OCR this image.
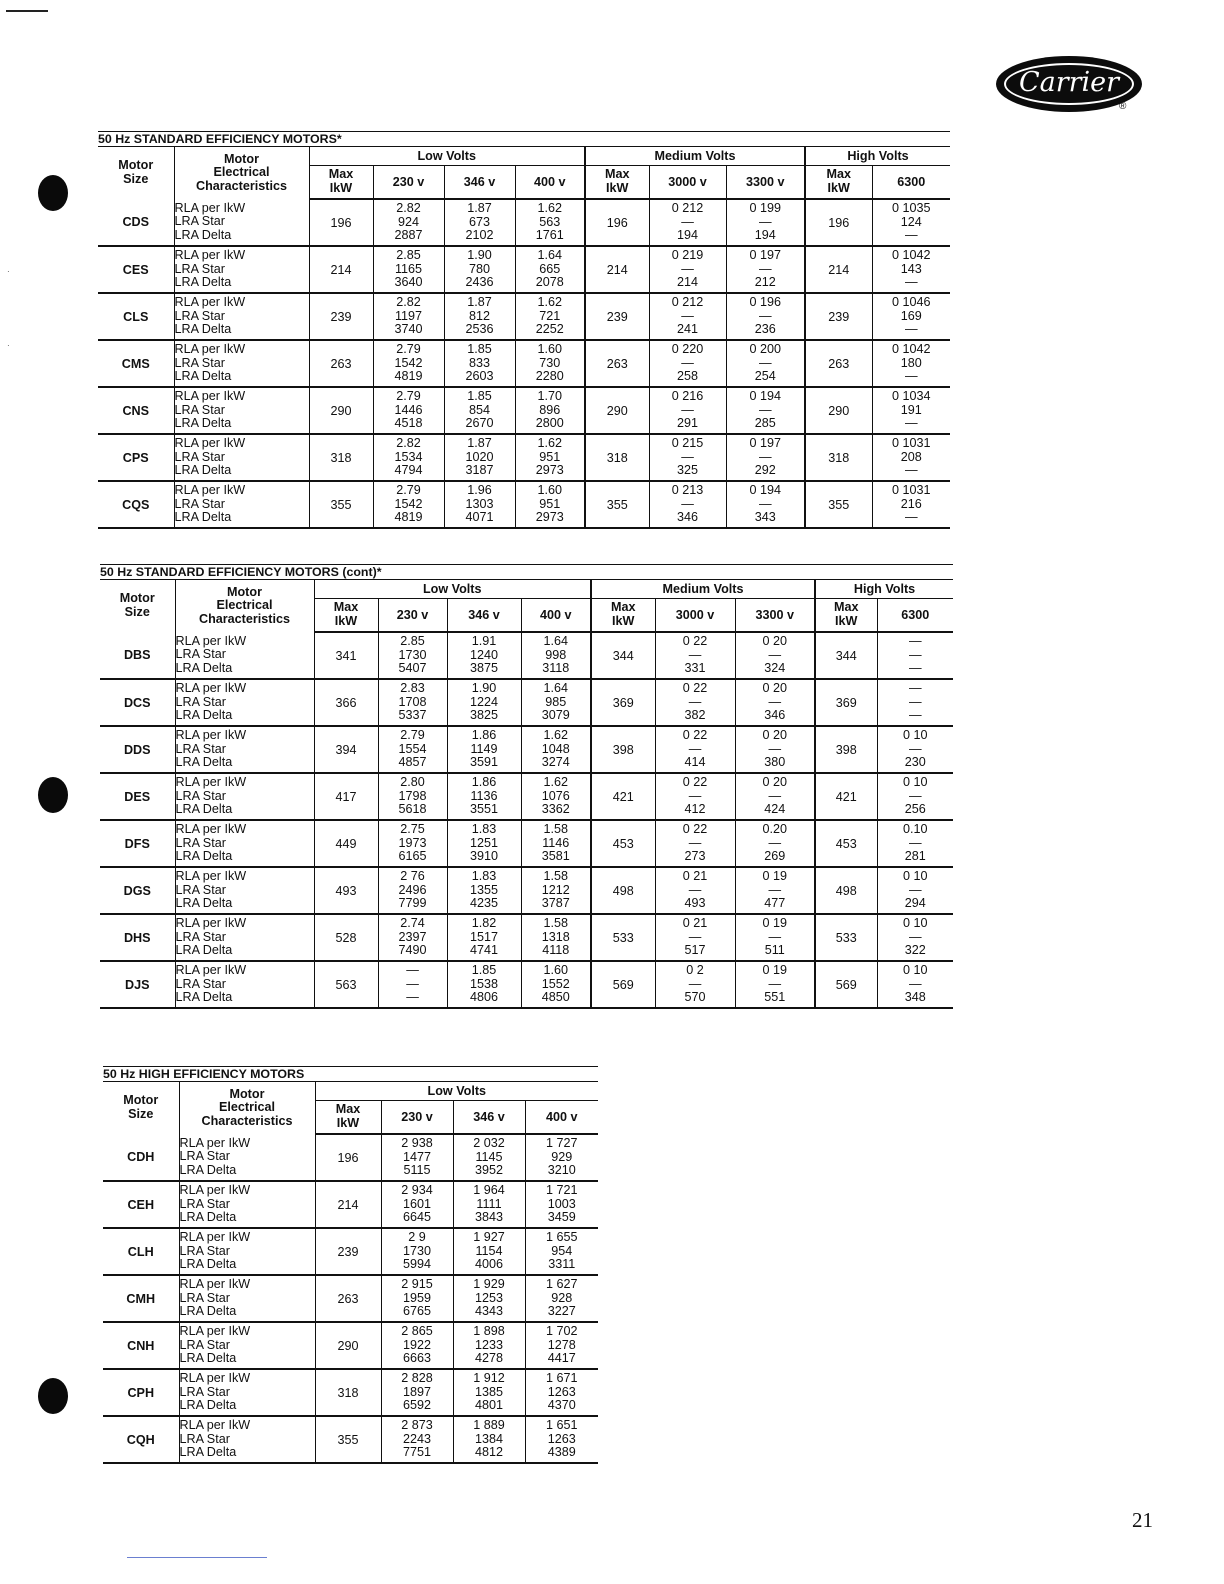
Carrier
®
·
·
50 Hz STANDARD EFFICIENCY MOTORS*										

Motor
Size	Motor
Electrical
Characteristics	Low Volts				Medium Volts			High Volts	

		Max
IkW	230 v	346 v	400 v	Max
IkW	3000 v	3300 v	Max
IkW	6300
CDS	RLA per IkW
LRA Star
LRA Delta	196	2.82
924
2887	1.87
673
2102	1.62
563
1761	196	0 212
—
194	0 199
—
194	196	0 1035
124
—

CES	RLA per IkW
LRA Star
LRA Delta	214	2.85
1165
3640	1.90
780
2436	1.64
665
2078	214	0 219
—
214	0 197
—
212	214	0 1042
143
—

CLS	RLA per IkW
LRA Star
LRA Delta	239	2.82
1197
3740	1.87
812
2536	1.62
721
2252	239	0 212
—
241	0 196
—
236	239	0 1046
169
—

CMS	RLA per IkW
LRA Star
LRA Delta	263	2.79
1542
4819	1.85
833
2603	1.60
730
2280	263	0 220
—
258	0 200
—
254	263	0 1042
180
—

CNS	RLA per IkW
LRA Star
LRA Delta	290	2.79
1446
4518	1.85
854
2670	1.70
896
2800	290	0 216
—
291	0 194
—
285	290	0 1034
191
—

CPS	RLA per IkW
LRA Star
LRA Delta	318	2.82
1534
4794	1.87
1020
3187	1.62
951
2973	318	0 215
—
325	0 197
—
292	318	0 1031
208
—

CQS	RLA per IkW
LRA Star
LRA Delta	355	2.79
1542
4819	1.96
1303
4071	1.60
951
2973	355	0 213
—
346	0 194
—
343	355	0 1031
216
—
50 Hz STANDARD EFFICIENCY MOTORS (cont)*										

Motor
Size	Motor
Electrical
Characteristics	Low Volts				Medium Volts			High Volts	

		Max
IkW	230 v	346 v	400 v	Max
IkW	3000 v	3300 v	Max
IkW	6300
DBS	RLA per IkW
LRA Star
LRA Delta	341	2.85
1730
5407	1.91
1240
3875	1.64
998
3118	344	0 22
—
331	0 20
—
324	344	—
—
—

DCS	RLA per IkW
LRA Star
LRA Delta	366	2.83
1708
5337	1.90
1224
3825	1.64
985
3079	369	0 22
—
382	0 20
—
346	369	—
—
—

DDS	RLA per IkW
LRA Star
LRA Delta	394	2.79
1554
4857	1.86
1149
3591	1.62
1048
3274	398	0 22
—
414	0 20
—
380	398	0 10
—
230

DES	RLA per IkW
LRA Star
LRA Delta	417	2.80
1798
5618	1.86
1136
3551	1.62
1076
3362	421	0 22
—
412	0 20
—
424	421	0 10
—
256

DFS	RLA per IkW
LRA Star
LRA Delta	449	2.75
1973
6165	1.83
1251
3910	1.58
1146
3581	453	0 22
—
273	0.20
—
269	453	0.10
—
281

DGS	RLA per IkW
LRA Star
LRA Delta	493	2 76
2496
7799	1.83
1355
4235	1.58
1212
3787	498	0 21
—
493	0 19
—
477	498	0 10
—
294

DHS	RLA per IkW
LRA Star
LRA Delta	528	2.74
2397
7490	1.82
1517
4741	1.58
1318
4118	533	0 21
—
517	0 19
—
511	533	0 10
—
322

DJS	RLA per IkW
LRA Star
LRA Delta	563	—
—
—	1.85
1538
4806	1.60
1552
4850	569	0 2
—
570	0 19
—
551	569	0 10
—
348
50 Hz HIGH EFFICIENCY MOTORS					

Motor
Size	Motor
Electrical
Characteristics	Low Volts			

		Max
IkW	230 v	346 v	400 v
CDH	RLA per IkW
LRA Star
LRA Delta	196	2 938
1477
5115	2 032
1145
3952	1 727
929
3210

CEH	RLA per IkW
LRA Star
LRA Delta	214	2 934
1601
6645	1 964
1111
3843	1 721
1003
3459

CLH	RLA per IkW
LRA Star
LRA Delta	239	2 9
1730
5994	1 927
1154
4006	1 655
954
3311

CMH	RLA per IkW
LRA Star
LRA Delta	263	2 915
1959
6765	1 929
1253
4343	1 627
928
3227

CNH	RLA per IkW
LRA Star
LRA Delta	290	2 865
1922
6663	1 898
1233
4278	1 702
1278
4417

CPH	RLA per IkW
LRA Star
LRA Delta	318	2 828
1897
6592	1 912
1385
4801	1 671
1263
4370

CQH	RLA per IkW
LRA Star
LRA Delta	355	2 873
2243
7751	1 889
1384
4812	1 651
1263
4389
21
